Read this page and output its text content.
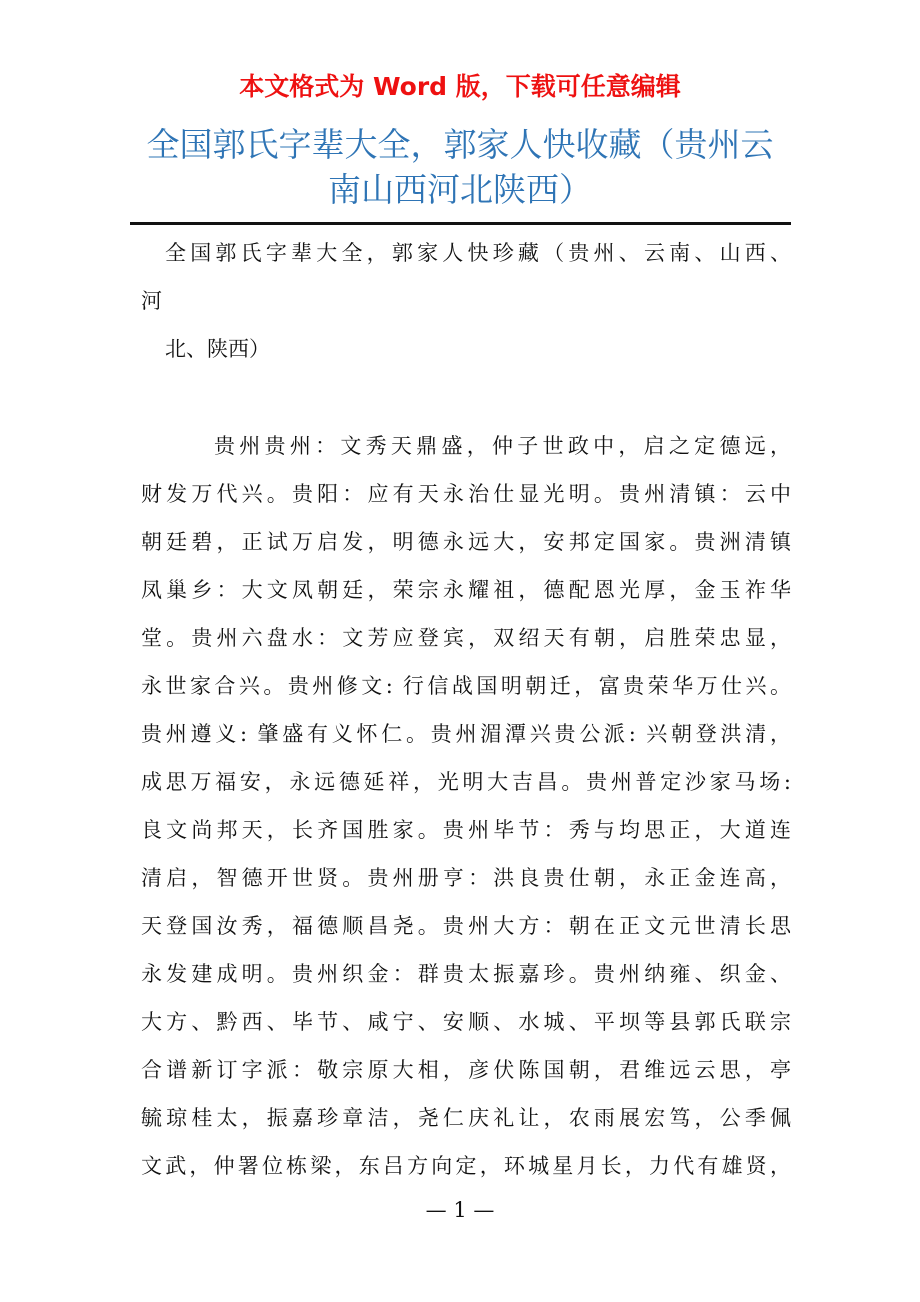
本文格式为 Word 版，下载可任意编辑
全国郭氏字辈大全，郭家人快收藏（贵州云
南山西河北陕西）
全国郭氏字辈大全，郭家人快珍藏（贵州、云南、山西、
河
北、陕西）
贵州贵州：文秀天鼎盛，仲子世政中，启之定德远，
财发万代兴。贵阳：应有天永治仕显光明。贵州清镇：云中
朝廷碧，正试万启发，明德永远大，安邦定国家。贵洲清镇
凤巢乡：大文凤朝廷，荣宗永耀祖，德配恩光厚，金玉祚华
堂。贵州六盘水：文芳应登宾，双绍天有朝，启胜荣忠显，
永世家合兴。贵州修文: 行信战国明朝迁，富贵荣华万仕兴。
贵州遵义: 肇盛有义怀仁。贵州湄潭兴贵公派: 兴朝登洪清，
成思万福安，永远德延祥，光明大吉昌。贵州普定沙家马场:
良文尚邦天，长齐国胜家。贵州毕节：秀与均思正，大道连
清启，智德开世贤。贵州册亨：洪良贵仕朝，永正金连高，
天登国汝秀，福德顺昌尧。贵州大方：朝在正文元世清长思
永发建成明。贵州织金：群贵太振嘉珍。贵州纳雍、织金、
大方、黔西、毕节、咸宁、安顺、水城、平坝等县郭氏联宗
合谱新订字派：敬宗原大相，彦伏陈国朝，君维远云思，亭
毓琼桂太，振嘉珍章洁，尧仁庆礼让，农雨展宏笃，公季佩
文武，仲署位栋梁，东吕方向定，环城星月长，力代有雄贤，
— 1 —
